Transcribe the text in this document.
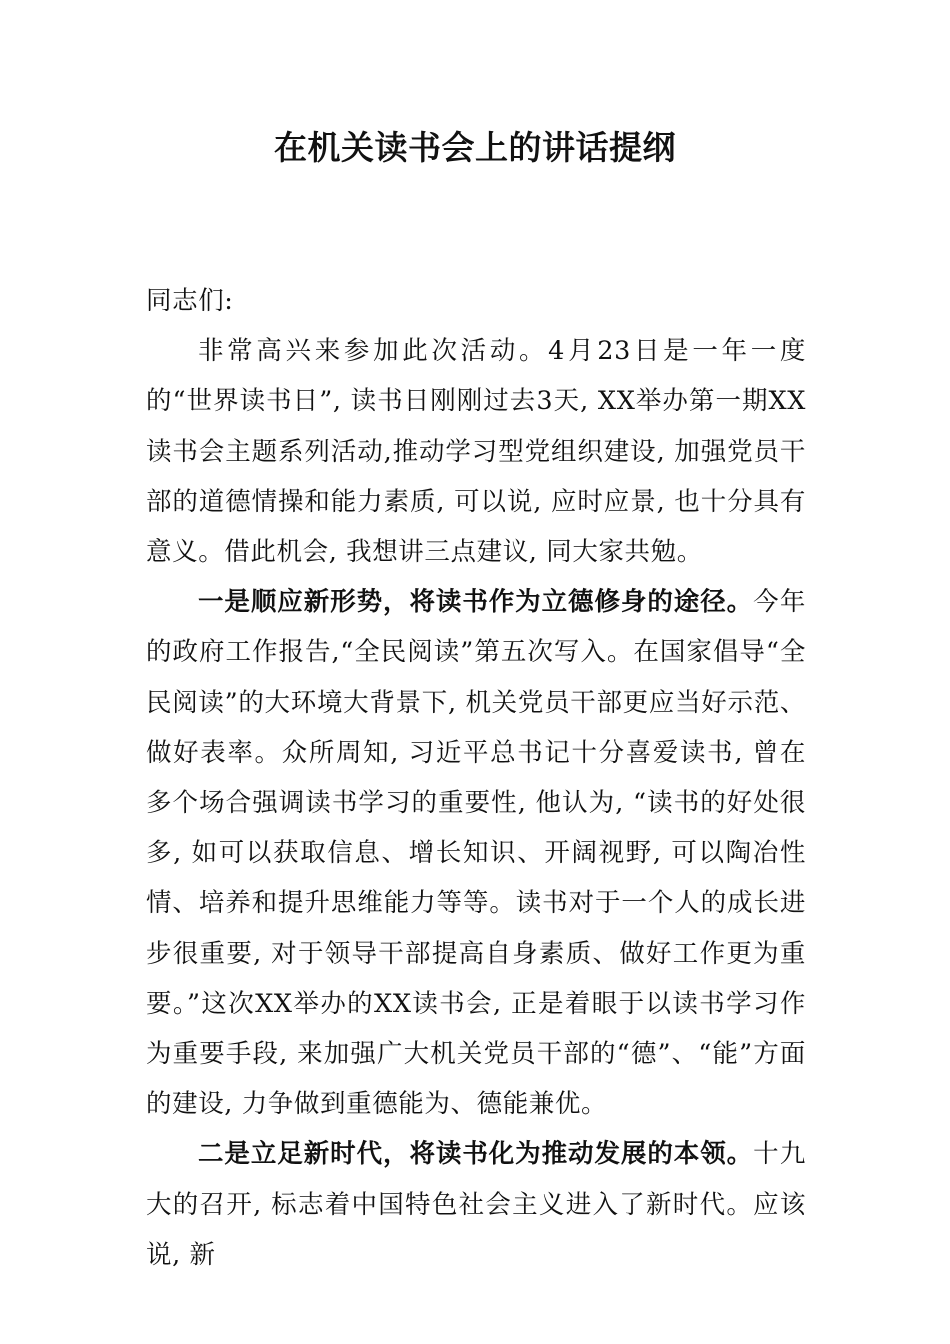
在机关读书会上的讲话提纲

同志们:

非常高兴来参加此次活动。4月23日是一年一度的“世界读书日”, 读书日刚刚过去3天, XX举办第一期XX读书会主题系列活动,推动学习型党组织建设, 加强党员干部的道德情操和能力素质, 可以说, 应时应景, 也十分具有意义。借此机会, 我想讲三点建议, 同大家共勉。

一是顺应新形势，将读书作为立德修身的途径。今年的政府工作报告,“全民阅读”第五次写入。在国家倡导“全民阅读”的大环境大背景下, 机关党员干部更应当好示范、做好表率。众所周知, 习近平总书记十分喜爱读书, 曾在多个场合强调读书学习的重要性, 他认为, “读书的好处很多, 如可以获取信息、增长知识、开阔视野, 可以陶冶性情、培养和提升思维能力等等。读书对于一个人的成长进步很重要, 对于领导干部提高自身素质、做好工作更为重要。”这次XX举办的XX读书会, 正是着眼于以读书学习作为重要手段, 来加强广大机关党员干部的“德”、“能”方面的建设, 力争做到重德能为、德能兼优。

二是立足新时代，将读书化为推动发展的本领。十九大的召开, 标志着中国特色社会主义进入了新时代。应该说, 新
